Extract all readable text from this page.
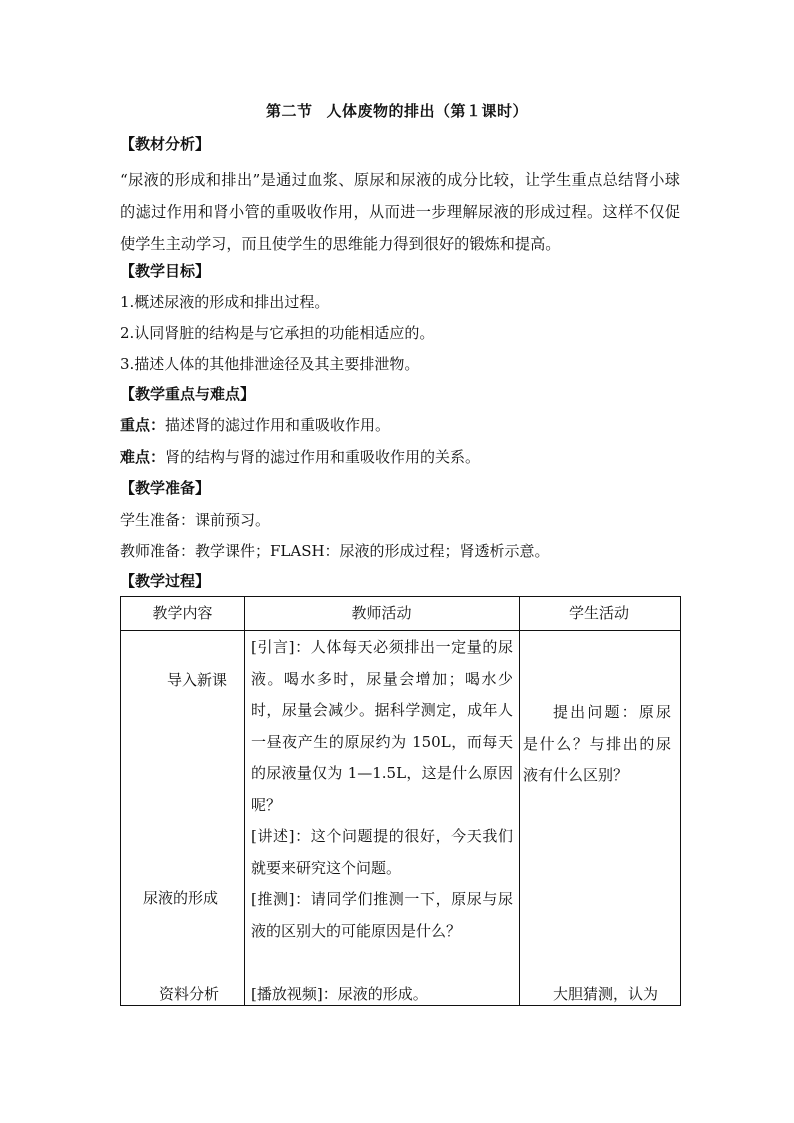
第二节 人体废物的排出（第１课时）
【教材分析】
“尿液的形成和排出”是通过血浆、原尿和尿液的成分比较，让学生重点总结肾小球的滤过作用和肾小管的重吸收作用，从而进一步理解尿液的形成过程。这样不仅促使学生主动学习，而且使学生的思维能力得到很好的锻炼和提高。
【教学目标】
1.概述尿液的形成和排出过程。
2.认同肾脏的结构是与它承担的功能相适应的。
3.描述人体的其他排泄途径及其主要排泄物。
【教学重点与难点】
重点：描述肾的滤过作用和重吸收作用。
难点：肾的结构与肾的滤过作用和重吸收作用的关系。
【教学准备】
学生准备：课前预习。
教师准备：教学课件；FLASH：尿液的形成过程；肾透析示意。
【教学过程】
教学内容	教师活动	学生活动
导入新课
尿液的形成
资料分析
[引言]：人体每天必须排出一定量的尿液。喝水多时，尿量会增加；喝水少时，尿量会减少。据科学测定，成年人一昼夜产生的原尿约为 150L，而每天的尿液量仅为 1—1.5L，这是什么原因呢？
[讲述]：这个问题提的很好，今天我们就要来研究这个问题。
[推测]：请同学们推测一下，原尿与尿液的区别大的可能原因是什么？
[播放视频]：尿液的形成。
提出问题：原尿是什么？与排出的尿液有什么区别？
大胆猜测，认为
